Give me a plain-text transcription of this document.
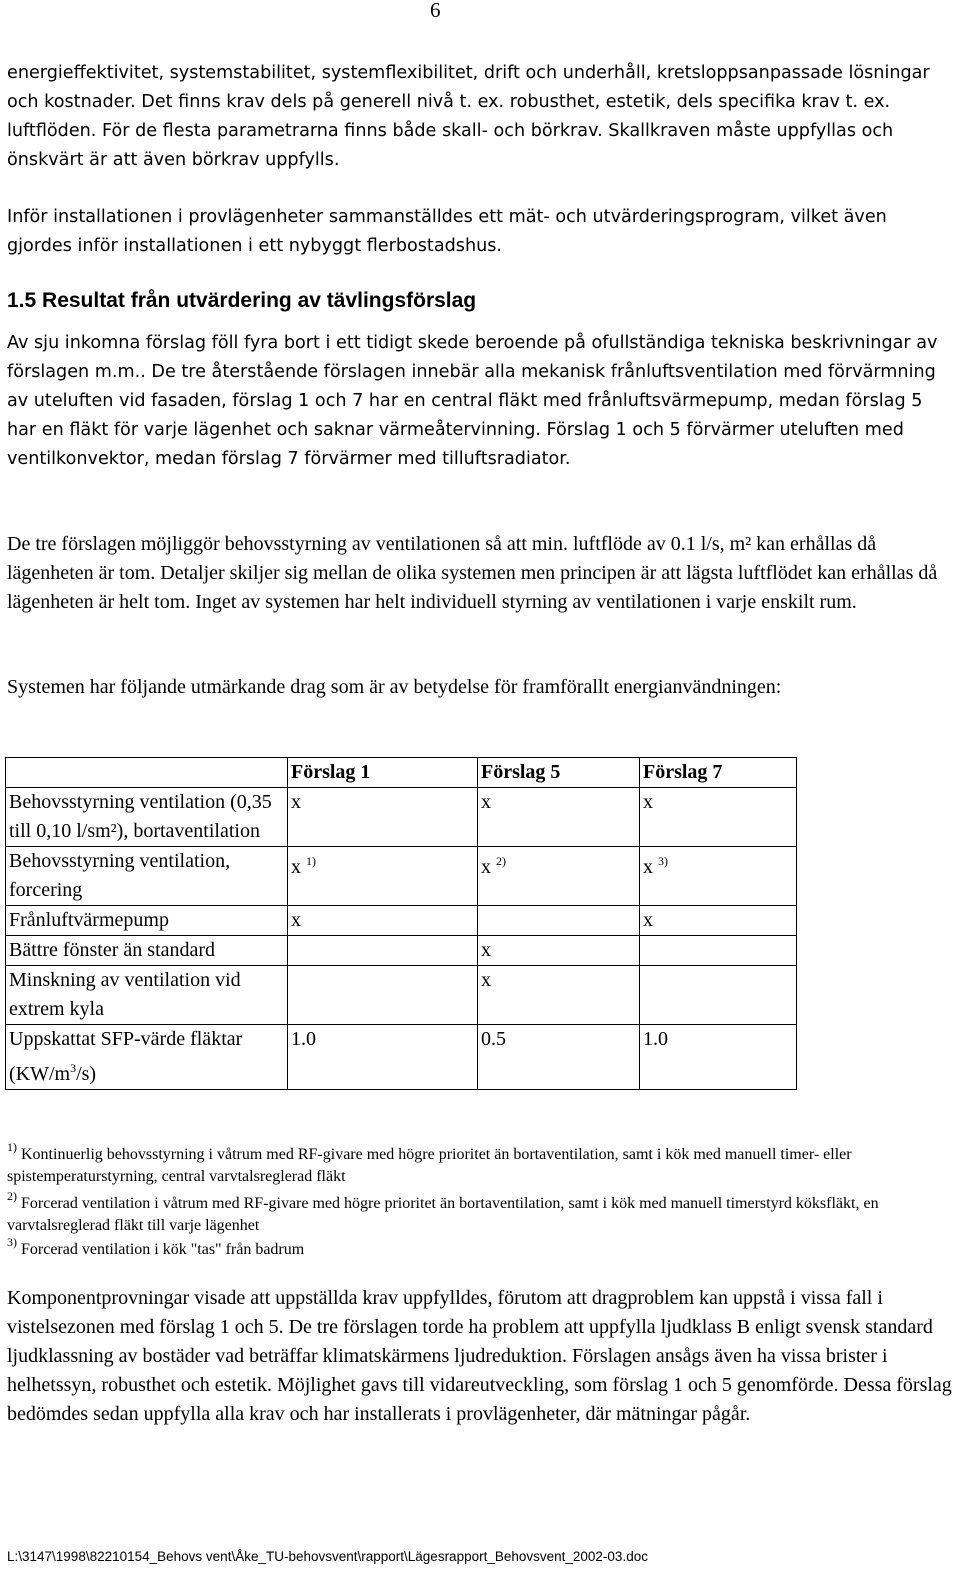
6

energieffektivitet, systemstabilitet, systemflexibilitet, drift och underhåll, kretsloppsanpassade lösningar och kostnader. Det finns krav dels på generell nivå t. ex. robusthet, estetik, dels specifika krav t. ex. luftflöden. För de flesta parametrarna finns både skall- och börkrav. Skallkraven måste uppfyllas och önskvärt är att även börkrav uppfylls.

Inför installationen i provlägenheter sammanställdes ett mät- och utvärderingsprogram, vilket även gjordes inför installationen i ett nybyggt flerbostadshus.

1.5 Resultat från utvärdering av tävlingsförslag

Av sju inkomna förslag föll fyra bort i ett tidigt skede beroende på ofullständiga tekniska beskrivningar av förslagen m.m.. De tre återstående förslagen innebär alla mekanisk frånluftsventilation med förvärmning av uteluften vid fasaden, förslag 1 och 7 har en central fläkt med frånluftsvärmepump, medan förslag 5 har en fläkt för varje lägenhet och saknar värmeåtervinning. Förslag 1 och 5 förvärmer uteluften med ventilkonvektor, medan förslag 7 förvärmer med tilluftsradiator.

De tre förslagen möjliggör behovsstyrning av ventilationen så att min. luftflöde av 0.1 l/s, m² kan erhållas då lägenheten är tom. Detaljer skiljer sig mellan de olika systemen men principen är att lägsta luftflödet kan erhållas då lägenheten är helt tom. Inget av systemen har helt individuell styrning av ventilationen i varje enskilt rum.

Systemen har följande utmärkande drag som är av betydelse för framförallt energianvändningen:

	Förslag 1	Förslag 5	Förslag 7
Behovsstyrning ventilation (0,35 till 0,10 l/sm²), bortaventilation	x	x	x
Behovsstyrning ventilation, forcering	x $^{1)}$	x $^{2)}$	x $^{3)}$
Frånluftvärmepump	x		x
Bättre fönster än standard		x	
Minskning av ventilation vid extrem kyla		x	
Uppskattat SFP-värde fläktar $(KW/m^3/s)$	1.0	0.5	1.0
$^{1)}$ Kontinuerlig behovsstyrning i våtrum med RF-givare med högre prioritet än bortaventilation, samt i kök med manuell timer- eller spistemperaturstyrning, central varvtalsreglerad fläkt
$^{2)}$ Forcerad ventilation i våtrum med RF-givare med högre prioritet än bortaventilation, samt i kök med manuell timerstyrd köksfläkt, en varvtalsreglerad fläkt till varje lägenhet
$^{3)}$ Forcerad ventilation i kök "tas" från badrum

Komponentprovningar visade att uppställda krav uppfylldes, förutom att dragproblem kan uppstå i vissa fall i vistelsezonen med förslag 1 och 5. De tre förslagen torde ha problem att uppfylla ljudklass B enligt svensk standard ljudklassning av bostäder vad beträffar klimatskärmens ljudreduktion. Förslagen ansågs även ha vissa brister i helhetssyn, robusthet och estetik. Möjlighet gavs till vidareutveckling, som förslag 1 och 5 genomförde. Dessa förslag bedömdes sedan uppfylla alla krav och har installerats i provlägenheter, där mätningar pågår.

L:\3147\1998\82210154_Behovs vent\Åke_TU-behovsvent\rapport\Lägesrapport_Behovsvent_2002-03.doc
